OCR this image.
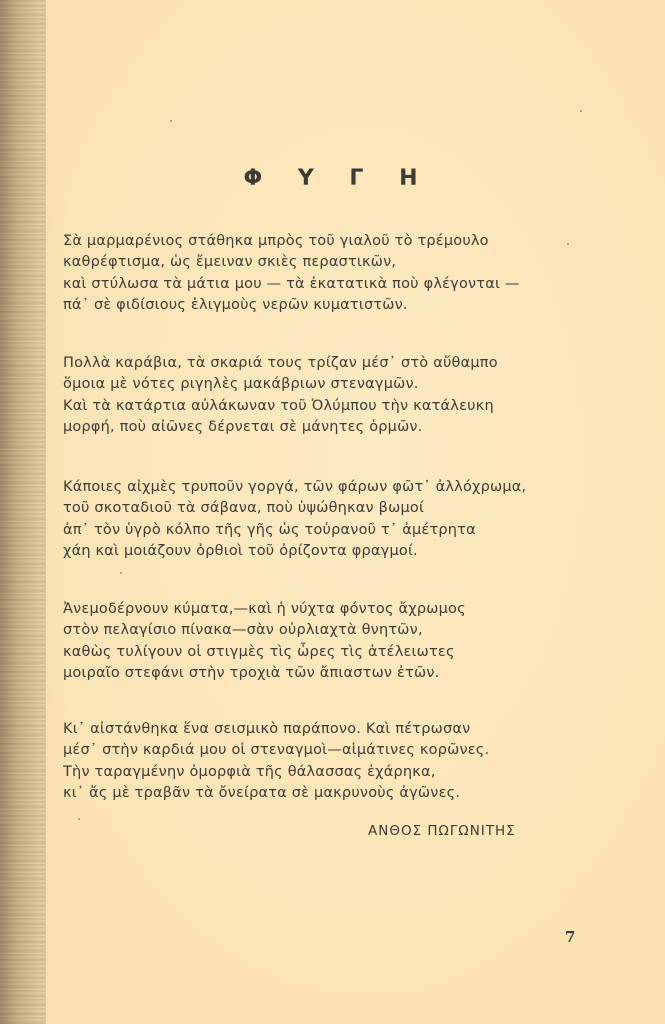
Φ Υ Γ Η
Σὰ μαρμαρένιος στάθηκα μπρὸς τοῦ γιαλοῦ τὸ τρέμουλο
καθρέφτισμα, ὡς ἔμειναν σκιὲς περαστικῶν,
καὶ στύλωσα τὰ μάτια μου — τὰ ἐκατατικὰ ποὺ φλέγονται —
πά᾽ σὲ φιδίσιους ἑλιγμοὺς νερῶν κυματιστῶν.
Πολλὰ καράβια, τὰ σκαριά τους τρίζαν μέσ᾽ στὸ αὔθαμπο
ὅμοια μὲ νότες ριγηλὲς μακάβριων στεναγμῶν.
Καὶ τὰ κατάρτια αὐλάκωναν τοῦ Ὀλύμπου τὴν κατάλευκη
μορφή, ποὺ αἰῶνες δέρνεται σὲ μάνητες ὁρμῶν.
Κάποιες αἰχμὲς τρυποῦν γοργά, τῶν φάρων φῶτ᾽ ἀλλόχρωμα,
τοῦ σκοταδιοῦ τὰ σάβανα, ποὺ ὑψώθηκαν βωμοί
ἀπ᾽ τὸν ὑγρὸ κόλπο τῆς γῆς ὡς τοὐρανοῦ τ᾽ ἀμέτρητα
χάη καὶ μοιάζουν ὀρθιοὶ τοῦ ὀρίζοντα φραγμοί.
Ἀνεμοδέρνουν κύματα,—καὶ ἡ νύχτα φόντος ἄχρωμος
στὸν πελαγίσιο πίνακα—σὰν οὐρλιαχτὰ θνητῶν,
καθὼς τυλίγουν οἱ στιγμὲς τὶς ὧρες τὶς ἀτέλειωτες
μοιραῖο στεφάνι στὴν τροχιὰ τῶν ἄπιαστων ἐτῶν.
Κι᾽ αἰστάνθηκα ἕνα σεισμικὸ παράπονο. Καὶ πέτρωσαν
μέσ᾽ στὴν καρδιά μου οἱ στεναγμοὶ—αἱμάτινες κορῶνες.
Τὴν ταραγμένην ὀμορφιὰ τῆς θάλασσας ἐχάρηκα,
κι᾽ ἄς μὲ τραβᾶν τὰ ὄνείρατα σὲ μακρυνοὺς ἀγῶνες.
ΑΝΘΟΣ ΠΩΓΩΝΙΤΗΣ
7
